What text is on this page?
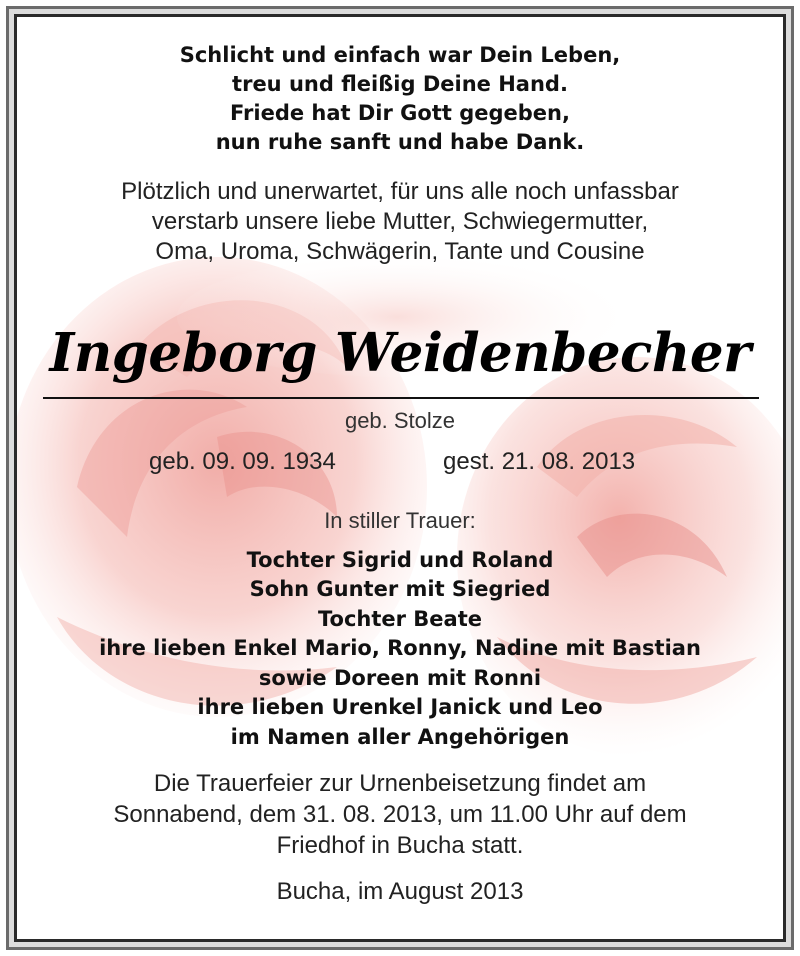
Schlicht und einfach war Dein Leben,
treu und fleißig Deine Hand.
Friede hat Dir Gott gegeben,
nun ruhe sanft und habe Dank.
Plötzlich und unerwartet, für uns alle noch unfassbar
verstarb unsere liebe Mutter, Schwiegermutter,
Oma, Uroma, Schwägerin, Tante und Cousine
Ingeborg Weidenbecher
geb. Stolze
geb. 09. 09. 1934	gest. 21. 08. 2013
In stiller Trauer:
Tochter Sigrid und Roland
Sohn Gunter mit Siegried
Tochter Beate
ihre lieben Enkel Mario, Ronny, Nadine mit Bastian
sowie Doreen mit Ronni
ihre lieben Urenkel Janick und Leo
im Namen aller Angehörigen
Die Trauerfeier zur Urnenbeisetzung findet am
Sonnabend, dem 31. 08. 2013, um 11.00 Uhr auf dem
Friedhof in Bucha statt.
Bucha, im August 2013
